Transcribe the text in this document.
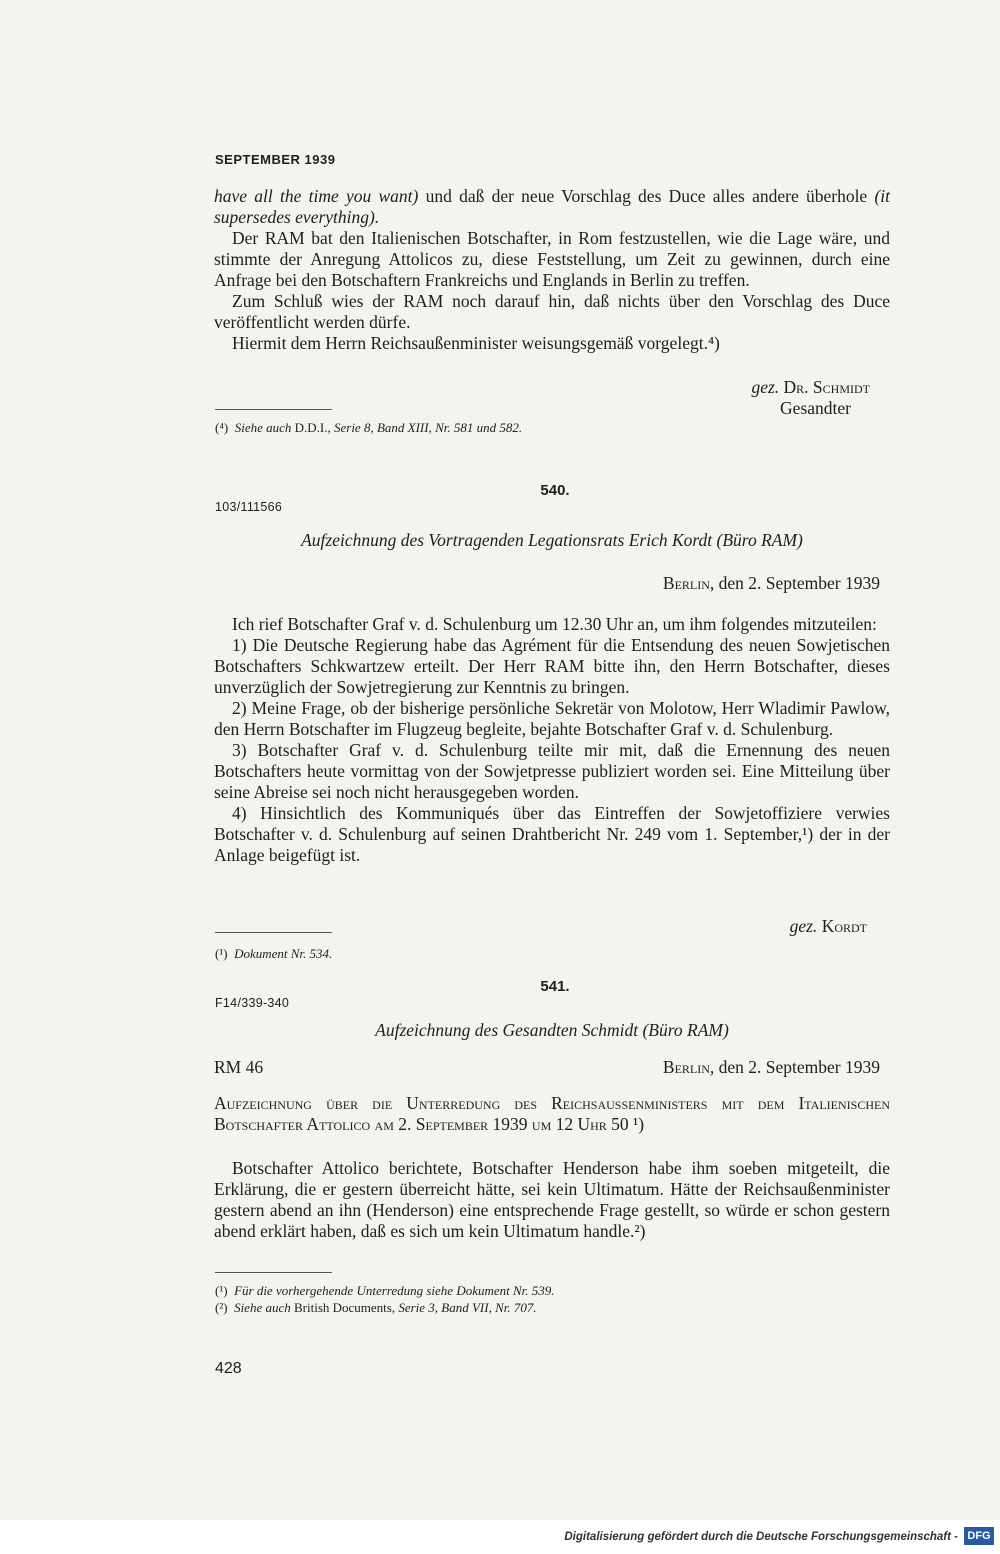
SEPTEMBER 1939

have all the time you want) und daß der neue Vorschlag des Duce alles andere überhole (it supersedes everything).

Der RAM bat den Italienischen Botschafter, in Rom festzustellen, wie die Lage wäre, und stimmte der Anregung Attolicos zu, diese Feststellung, um Zeit zu gewinnen, durch eine Anfrage bei den Botschaftern Frankreichs und Englands in Berlin zu treffen.

Zum Schluß wies der RAM noch darauf hin, daß nichts über den Vorschlag des Duce veröffentlicht werden dürfe.

Hiermit dem Herrn Reichsaußenminister weisungsgemäß vorgelegt.⁴)

gez. Dr. Schmidt
Gesandter
(⁴) Siehe auch D.D.I., Serie 8, Band XIII, Nr. 581 und 582.
540.
103/111566
Aufzeichnung des Vortragenden Legationsrats Erich Kordt (Büro RAM)
Berlin, den 2. September 1939

Ich rief Botschafter Graf v. d. Schulenburg um 12.30 Uhr an, um ihm folgendes mitzuteilen:

1) Die Deutsche Regierung habe das Agrément für die Entsendung des neuen Sowjetischen Botschafters Schkwartzew erteilt. Der Herr RAM bitte ihn, den Herrn Botschafter, dieses unverzüglich der Sowjetregierung zur Kenntnis zu bringen.

2) Meine Frage, ob der bisherige persönliche Sekretär von Molotow, Herr Wladimir Pawlow, den Herrn Botschafter im Flugzeug begleite, bejahte Botschafter Graf v. d. Schulenburg.

3) Botschafter Graf v. d. Schulenburg teilte mir mit, daß die Ernennung des neuen Botschafters heute vormittag von der Sowjetpresse publiziert worden sei. Eine Mitteilung über seine Abreise sei noch nicht herausgegeben worden.

4) Hinsichtlich des Kommuniqués über das Eintreffen der Sowjetoffiziere verwies Botschafter v. d. Schulenburg auf seinen Drahtbericht Nr. 249 vom 1. September,¹) der in der Anlage beigefügt ist.

gez. Kordt
(¹) Dokument Nr. 534.
541.
F14/339-340
Aufzeichnung des Gesandten Schmidt (Büro RAM)
RM 46	Berlin, den 2. September 1939
Aufzeichnung über die Unterredung des Reichsaussenministers mit dem Italienischen Botschafter Attolico am 2. September 1939 um 12 Uhr 50 ¹)

Botschafter Attolico berichtete, Botschafter Henderson habe ihm soeben mitgeteilt, die Erklärung, die er gestern überreicht hätte, sei kein Ultimatum. Hätte der Reichsaußenminister gestern abend an ihn (Henderson) eine entsprechende Frage gestellt, so würde er schon gestern abend erklärt haben, daß es sich um kein Ultimatum handle.²)

(¹) Für die vorhergehende Unterredung siehe Dokument Nr. 539.
(²) Siehe auch British Documents, Serie 3, Band VII, Nr. 707.
428
Digitalisierung gefördert durch die Deutsche Forschungsgemeinschaft - DFG
